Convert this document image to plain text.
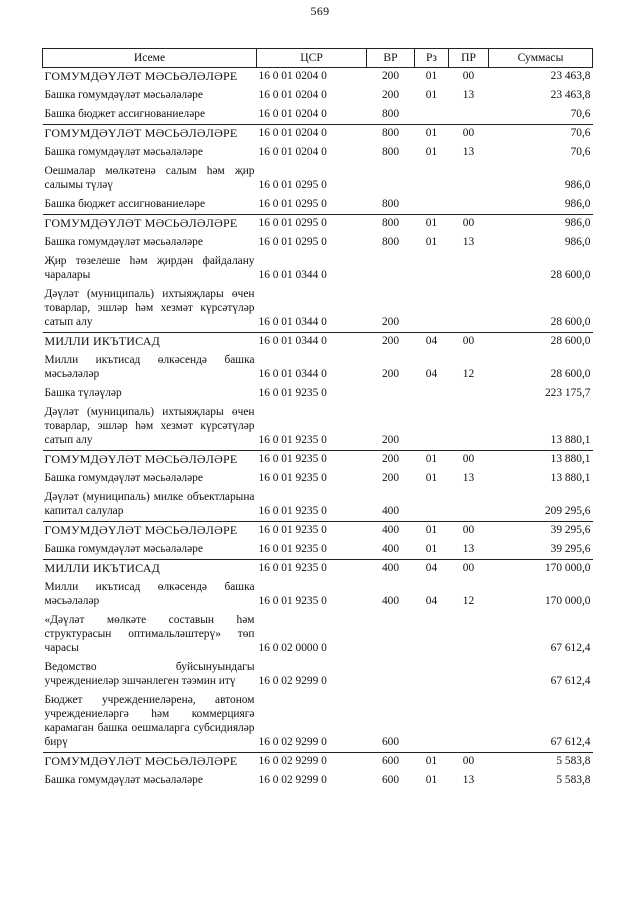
569
Исеме	ЦСР	ВР	Рз	ПР	Суммасы
ГОМУМДӘҮЛӘТ МӘСЬӘЛӘЛӘРЕ	16 0 01 0204 0	200	01	00	23 463,8
Башка гомумдәүләт мәсьәләләре	16 0 01 0204 0	200	01	13	23 463,8
Башка бюджет ассигнованиеләре	16 0 01 0204 0	800			70,6
ГОМУМДӘҮЛӘТ МӘСЬӘЛӘЛӘРЕ	16 0 01 0204 0	800	01	00	70,6
Башка гомумдәүләт мәсьәләләре	16 0 01 0204 0	800	01	13	70,6
Оешмалар мөлкәтенә салым һәм җир салымы түләү	16 0 01 0295 0				986,0
Башка бюджет ассигнованиеләре	16 0 01 0295 0	800			986,0
ГОМУМДӘҮЛӘТ МӘСЬӘЛӘЛӘРЕ	16 0 01 0295 0	800	01	00	986,0
Башка гомумдәүләт мәсьәләләре	16 0 01 0295 0	800	01	13	986,0
Җир төзелеше һәм җирдән файдалану чаралары	16 0 01 0344 0				28 600,0
Дәүләт (муниципаль) ихтыяҗлары өчен товарлар, эшләр һәм хезмәт күрсәтүләр сатып алу	16 0 01 0344 0	200			28 600,0
МИЛЛИ ИКЪТИСАД	16 0 01 0344 0	200	04	00	28 600,0
Милли икътисад өлкәсендә башка мәсьәләләр	16 0 01 0344 0	200	04	12	28 600,0
Башка түләүләр	16 0 01 9235 0				223 175,7
Дәүләт (муниципаль) ихтыяҗлары өчен товарлар, эшләр һәм хезмәт күрсәтүләр сатып алу	16 0 01 9235 0	200			13 880,1
ГОМУМДӘҮЛӘТ МӘСЬӘЛӘЛӘРЕ	16 0 01 9235 0	200	01	00	13 880,1
Башка гомумдәүләт мәсьәләләре	16 0 01 9235 0	200	01	13	13 880,1
Дәүләт (муниципаль) милке объектларына капитал салулар	16 0 01 9235 0	400			209 295,6
ГОМУМДӘҮЛӘТ МӘСЬӘЛӘЛӘРЕ	16 0 01 9235 0	400	01	00	39 295,6
Башка гомумдәүләт мәсьәләләре	16 0 01 9235 0	400	01	13	39 295,6
МИЛЛИ ИКЪТИСАД	16 0 01 9235 0	400	04	00	170 000,0
Милли икътисад өлкәсендә башка мәсьәләләр	16 0 01 9235 0	400	04	12	170 000,0
«Дәүләт мөлкәте составын һәм структурасын оптимальләштерү» төп чарасы	16 0 02 0000 0				67 612,4
Ведомство буйсынуындагы учреждениеләр эшчәнлеген тәэмин итү	16 0 02 9299 0				67 612,4
Бюджет учреждениеләренә, автоном учреждениеләргә һәм коммерциягә карамаган башка оешмаларга субсидияләр бирү	16 0 02 9299 0	600			67 612,4
ГОМУМДӘҮЛӘТ МӘСЬӘЛӘЛӘРЕ	16 0 02 9299 0	600	01	00	5 583,8
Башка гомумдәүләт мәсьәләләре	16 0 02 9299 0	600	01	13	5 583,8
